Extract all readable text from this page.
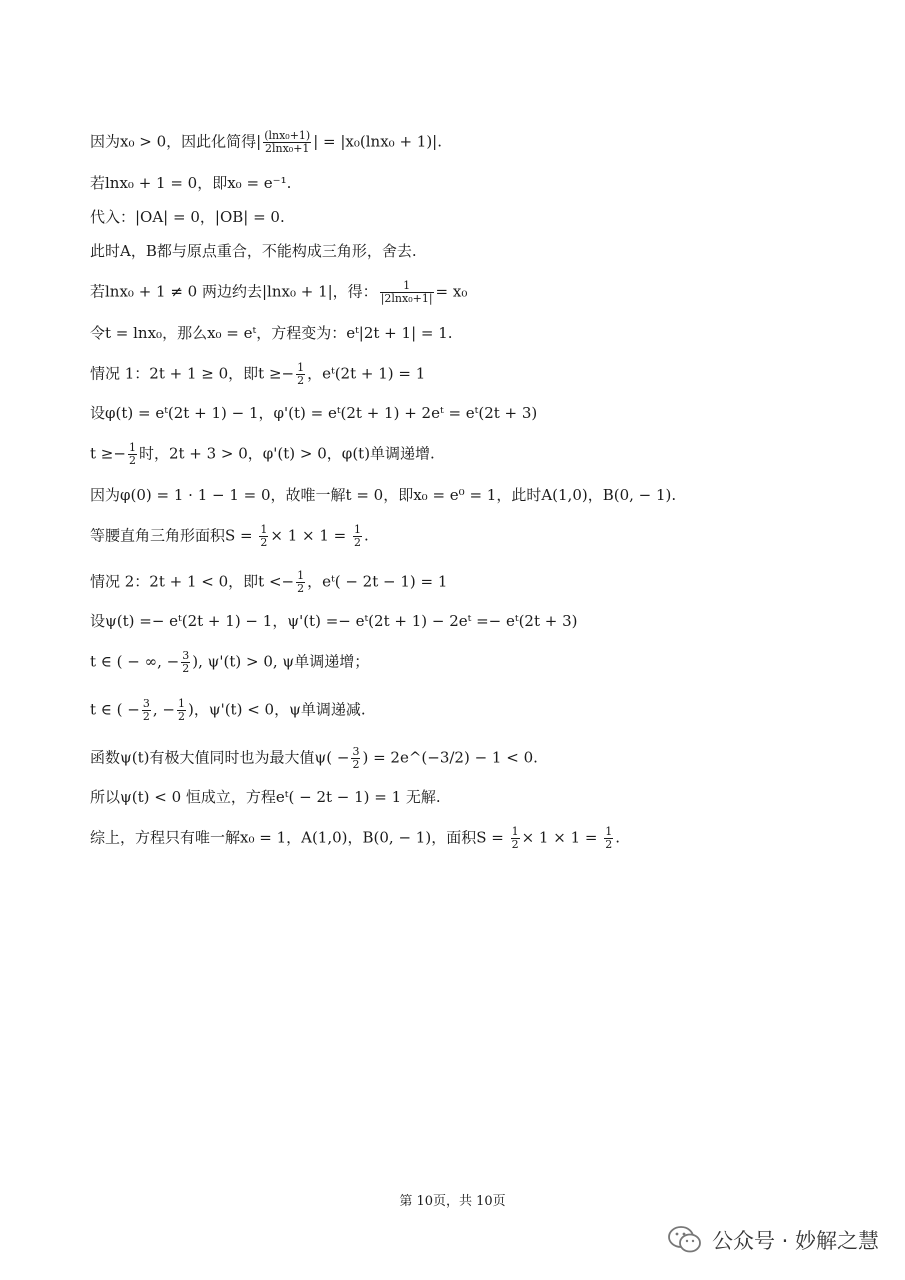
因为x₀ > 0，因此化简得| $\frac{\text{(lnx₀+1)}}{\text{2lnx₀+1}}$ | = |x₀(lnx₀ + 1)|.
若lnx₀ + 1 = 0，即x₀ = e⁻¹.
代入：|OA| = 0，|OB| = 0.
此时A，B都与原点重合，不能构成三角形，舍去.
若lnx₀ + 1 ≠ 0 两边约去|lnx₀ + 1|，得： $\frac{1}{\text{|2lnx₀+1|}} = x_0$
令t = lnx₀，那么x₀ = eᵗ，方程变为：eᵗ|2t + 1| = 1.
情况 1：2t + 1 ≥ 0，即$t \ge- \frac{1}{2}$ ，eᵗ(2t + 1) = 1
设φ(t) = eᵗ(2t + 1) − 1，φ'(t) = eᵗ(2t + 1) + 2eᵗ = eᵗ(2t + 3)
$t \ge- \frac{1}{2}$ 时，2t + 3 > 0，φ'(t) > 0，φ(t)单调递增.
因为φ(0) = 1 · 1 − 1 = 0，故唯一解t = 0，即x₀ = e⁰ = 1，此时A(1,0)，B(0, − 1).
等腰直角三角形面积$S = \frac{1}{2} \times 1 \times 1 = \frac{1}{2}$ .
情况 2：2t + 1 < 0，即$t <- \frac{1}{2}$ ，eᵗ( − 2t − 1) = 1
设ψ(t) =− eᵗ(2t + 1) − 1，ψ'(t) =− eᵗ(2t + 1) − 2eᵗ =− eᵗ(2t + 3)
t ∈ ( − ∞, − $\frac{3}{2}$ ), ψ'(t) > 0, ψ单调递增；
t ∈ ( − $\frac{3}{2}$ , − $\frac{1}{2}$ )，ψ'(t) < 0，ψ单调递减.
函数ψ(t)有极大值同时也为最大值$\psi( - \frac{3}{2}$ ) = 2e^(−3/2) − 1 < 0.
所以ψ(t) < 0 恒成立，方程eᵗ( − 2t − 1) = 1 无解.
综上，方程只有唯一解x₀ = 1，A(1,0)，B(0, − 1)，面积$S = \frac{1}{2} \times 1 \times 1 = \frac{1}{2}$ .
第 10页，共 10页
公众号 · 妙解之慧
